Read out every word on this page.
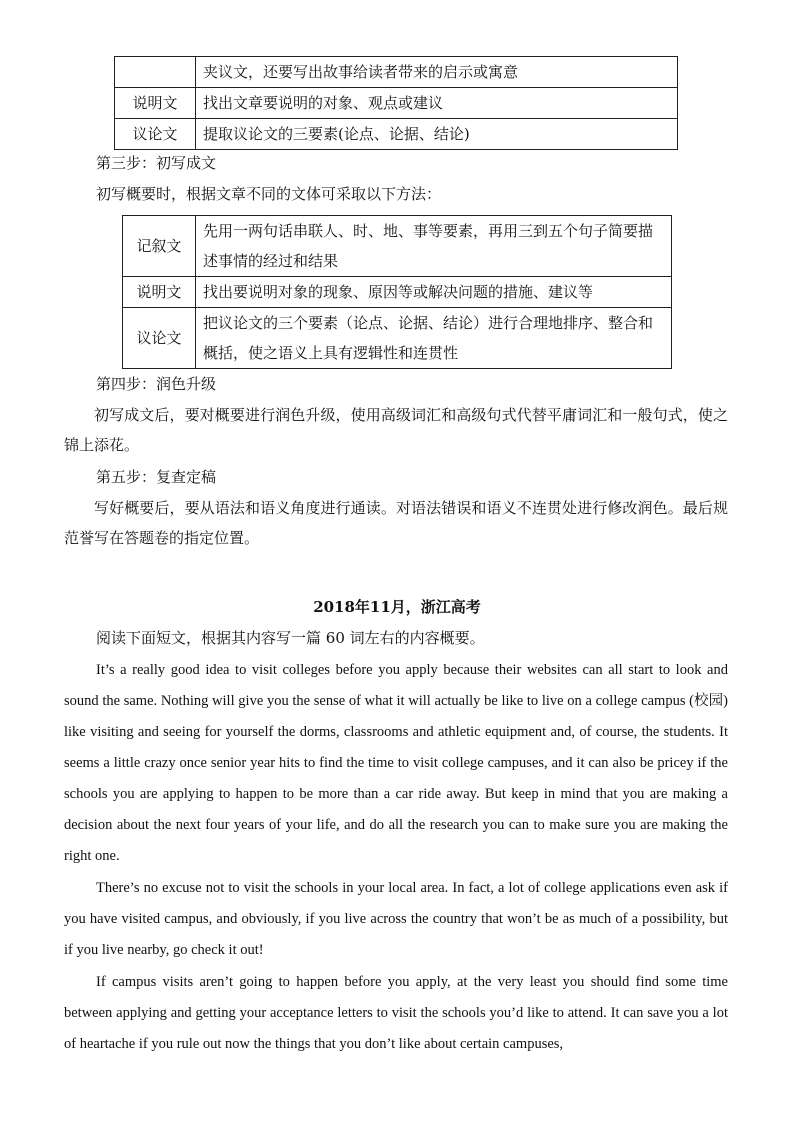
	夹议文，还要写出故事给读者带来的启示或寓意
说明文	找出文章要说明的对象、观点或建议
议论文	提取议论文的三要素(论点、论据、结论)
第三步：初写成文
初写概要时，根据文章不同的文体可采取以下方法：
记叙文	先用一两句话串联人、时、地、事等要素，再用三到五个句子简要描述事情的经过和结果
说明文	找出要说明对象的现象、原因等或解决问题的措施、建议等
议论文	把议论文的三个要素（论点、论据、结论）进行合理地排序、整合和概括，使之语义上具有逻辑性和连贯性
第四步：润色升级
初写成文后，要对概要进行润色升级，使用高级词汇和高级句式代替平庸词汇和一般句式，使之锦上添花。
第五步：复查定稿
写好概要后，要从语法和语义角度进行通读。对语法错误和语义不连贯处进行修改润色。最后规范誉写在答题卷的指定位置。
2018年11月，浙江高考
阅读下面短文，根据其内容写一篇 60 词左右的内容概要。
It’s a really good idea to visit colleges before you apply because their websites can all start to look and sound the same. Nothing will give you the sense of what it will actually be like to live on a college campus (校园) like visiting and seeing for yourself the dorms, classrooms and athletic equipment and, of course, the students. It seems a little crazy once senior year hits to find the time to visit college campuses, and it can also be pricey if the schools you are applying to happen to be more than a car ride away. But keep in mind that you are making a decision about the next four years of your life, and do all the research you can to make sure you are making the right one.
There’s no excuse not to visit the schools in your local area. In fact, a lot of college applications even ask if you have visited campus, and obviously, if you live across the country that won’t be as much of a possibility, but if you live nearby, go check it out!
If campus visits aren’t going to happen before you apply, at the very least you should find some time between applying and getting your acceptance letters to visit the schools you’d like to attend. It can save you a lot of heartache if you rule out now the things that you don’t like about certain campuses,
